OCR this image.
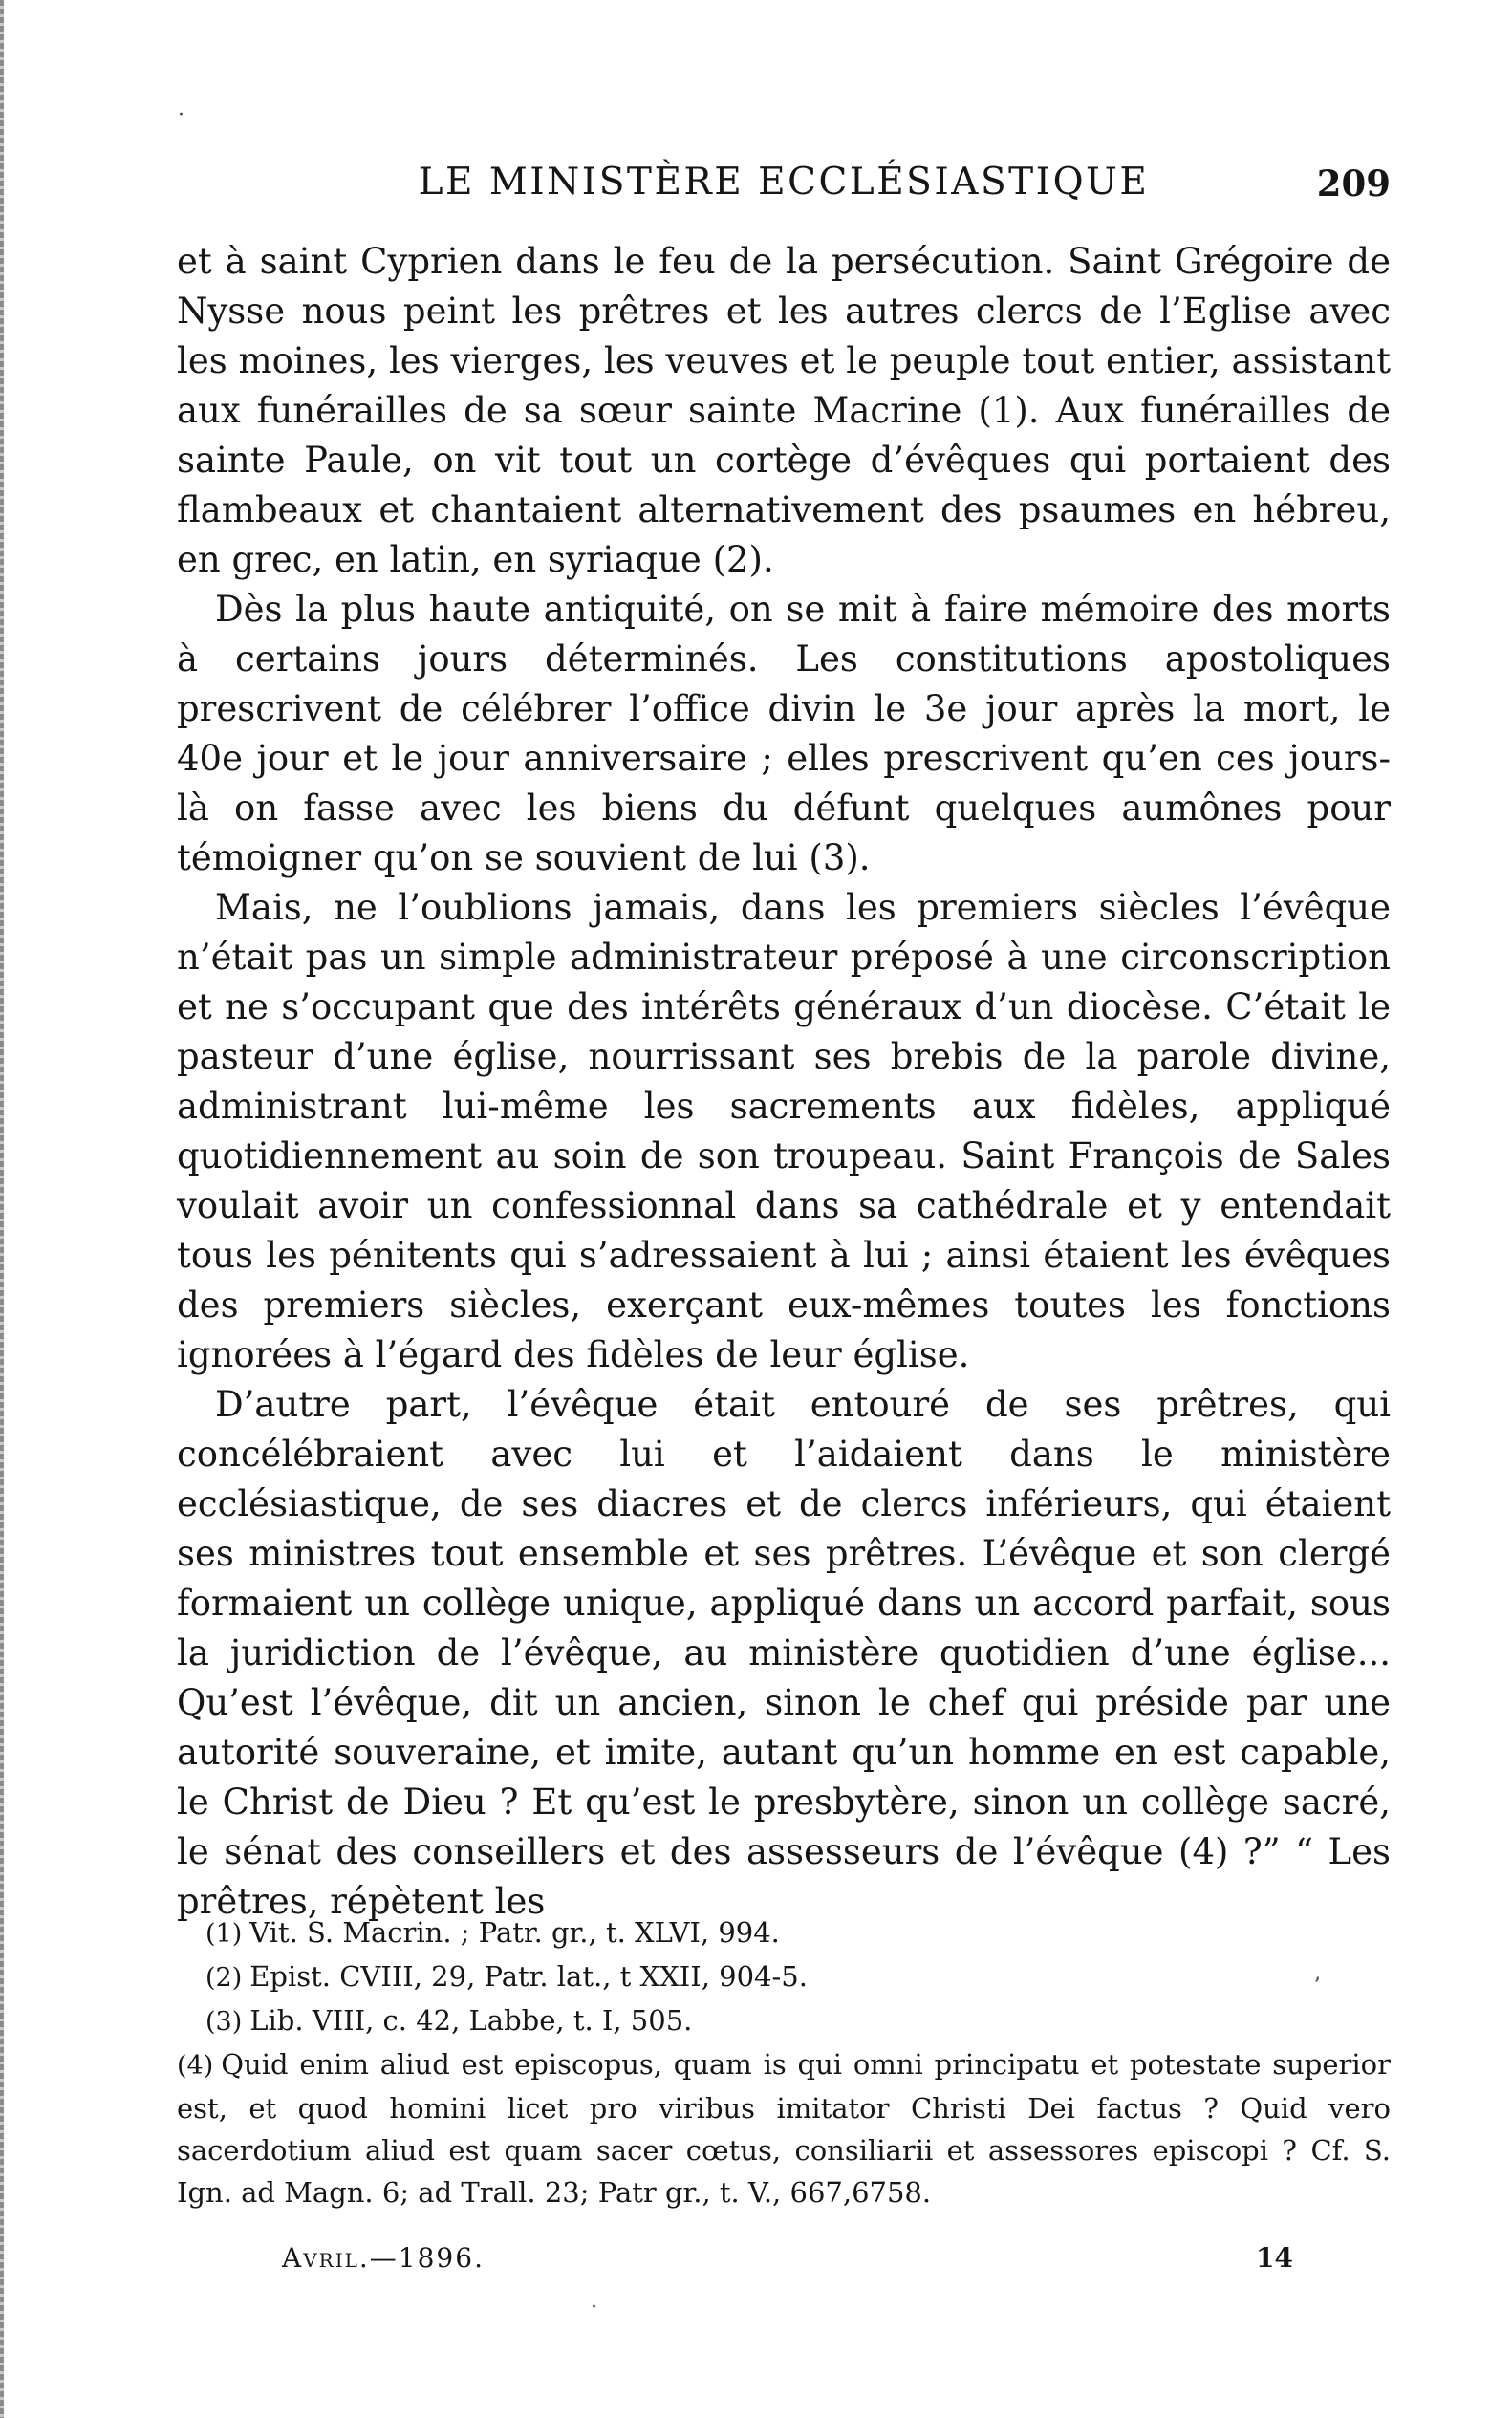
·
ʼ
·
LE MINISTÈRE ECCLÉSIASTIQUE	209

et à saint Cyprien dans le feu de la persécution. Saint Grégoire de Nysse nous peint les prêtres et les autres clercs de l’Eglise avec les moines, les vierges, les veuves et le peuple tout entier, assistant aux funérailles de sa sœur sainte Macrine (1). Aux funérailles de sainte Paule, on vit tout un cortège d’évêques qui portaient des flambeaux et chantaient alternativement des psaumes en hébreu, en grec, en latin, en syriaque (2).

Dès la plus haute antiquité, on se mit à faire mémoire des morts à certains jours déterminés. Les constitutions apostoliques prescrivent de célébrer l’office divin le 3e jour après la mort, le 40e jour et le jour anniversaire ; elles prescrivent qu’en ces jours-là on fasse avec les biens du défunt quelques aumônes pour témoigner qu’on se souvient de lui (3).

Mais, ne l’oublions jamais, dans les premiers siècles l’évêque n’était pas un simple administrateur préposé à une circonscription et ne s’occupant que des intérêts généraux d’un diocèse. C’était le pasteur d’une église, nourrissant ses brebis de la parole divine, administrant lui-même les sacrements aux fidèles, appliqué quotidiennement au soin de son troupeau. Saint François de Sales voulait avoir un confessionnal dans sa cathédrale et y entendait tous les pénitents qui s’adressaient à lui ; ainsi étaient les évêques des premiers siècles, exerçant eux-mêmes toutes les fonctions ignorées à l’égard des fidèles de leur église.

D’autre part, l’évêque était entouré de ses prêtres, qui concélébraient avec lui et l’aidaient dans le ministère ecclésiastique, de ses diacres et de clercs inférieurs, qui étaient ses ministres tout ensemble et ses prêtres. L’évêque et son clergé formaient un collège unique, appliqué dans un accord parfait, sous la juridiction de l’évêque, au ministère quotidien d’une église... Qu’est l’évêque, dit un ancien, sinon le chef qui préside par une autorité souveraine, et imite, autant qu’un homme en est capable, le Christ de Dieu ? Et qu’est le presbytère, sinon un collège sacré, le sénat des conseillers et des assesseurs de l’évêque (4) ?” “ Les prêtres, répètent les

(1) Vit. S. Macrin. ; Patr. gr., t. XLVI, 994.

(2) Epist. CVIII, 29, Patr. lat., t XXII, 904-5.

(3) Lib. VIII, c. 42, Labbe, t. I, 505.

(4) Quid enim aliud est episcopus, quam is qui omni principatu et potestate superior est, et quod homini licet pro viribus imitator Christi Dei factus ? Quid vero sacerdotium aliud est quam sacer cœtus, consiliarii et assessores episcopi ? Cf. S. Ign. ad Magn. 6; ad Trall. 23; Patr gr., t. V., 667,6758.

Avril.—1896.	14
